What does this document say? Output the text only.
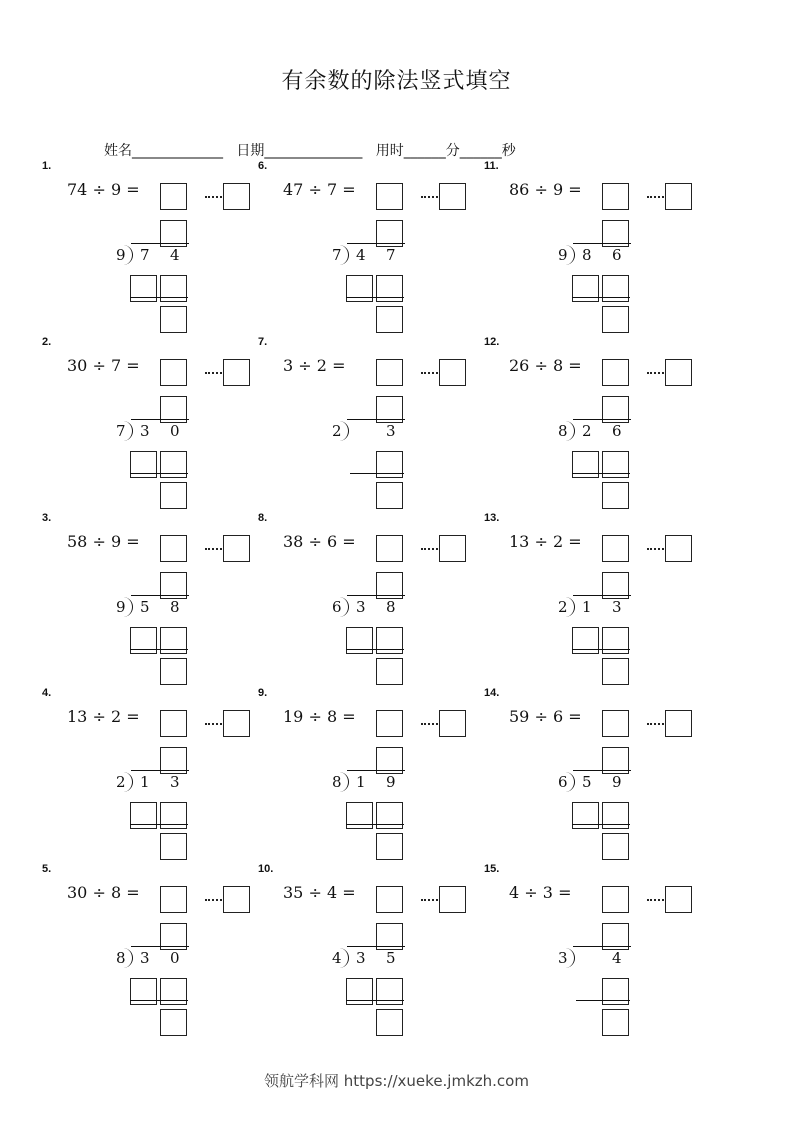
有余数的除法竖式填空
姓名_____________   日期______________   用时______分______秒
1.
74 ÷ 9 =
9 7 4
2.
30 ÷ 7 =
7 3 0
3.
58 ÷ 9 =
9 5 8
4.
13 ÷ 2 =
2 1 3
5.
30 ÷ 8 =
8 3 0
6.
47 ÷ 7 =
7 4 7
7.
3 ÷ 2 =
2	3
8.
38 ÷ 6 =
6 3 8
9.
19 ÷ 8 =
8 1 9
10.
35 ÷ 4 =
4 3 5
11.
86 ÷ 9 =
9 8 6
12.
26 ÷ 8 =
8 2 6
13.
13 ÷ 2 =
2 1 3
14.
59 ÷ 6 =
6 5 9
15.
4 ÷ 3 =
3	4
领航学科网 https://xueke.jmkzh.com
